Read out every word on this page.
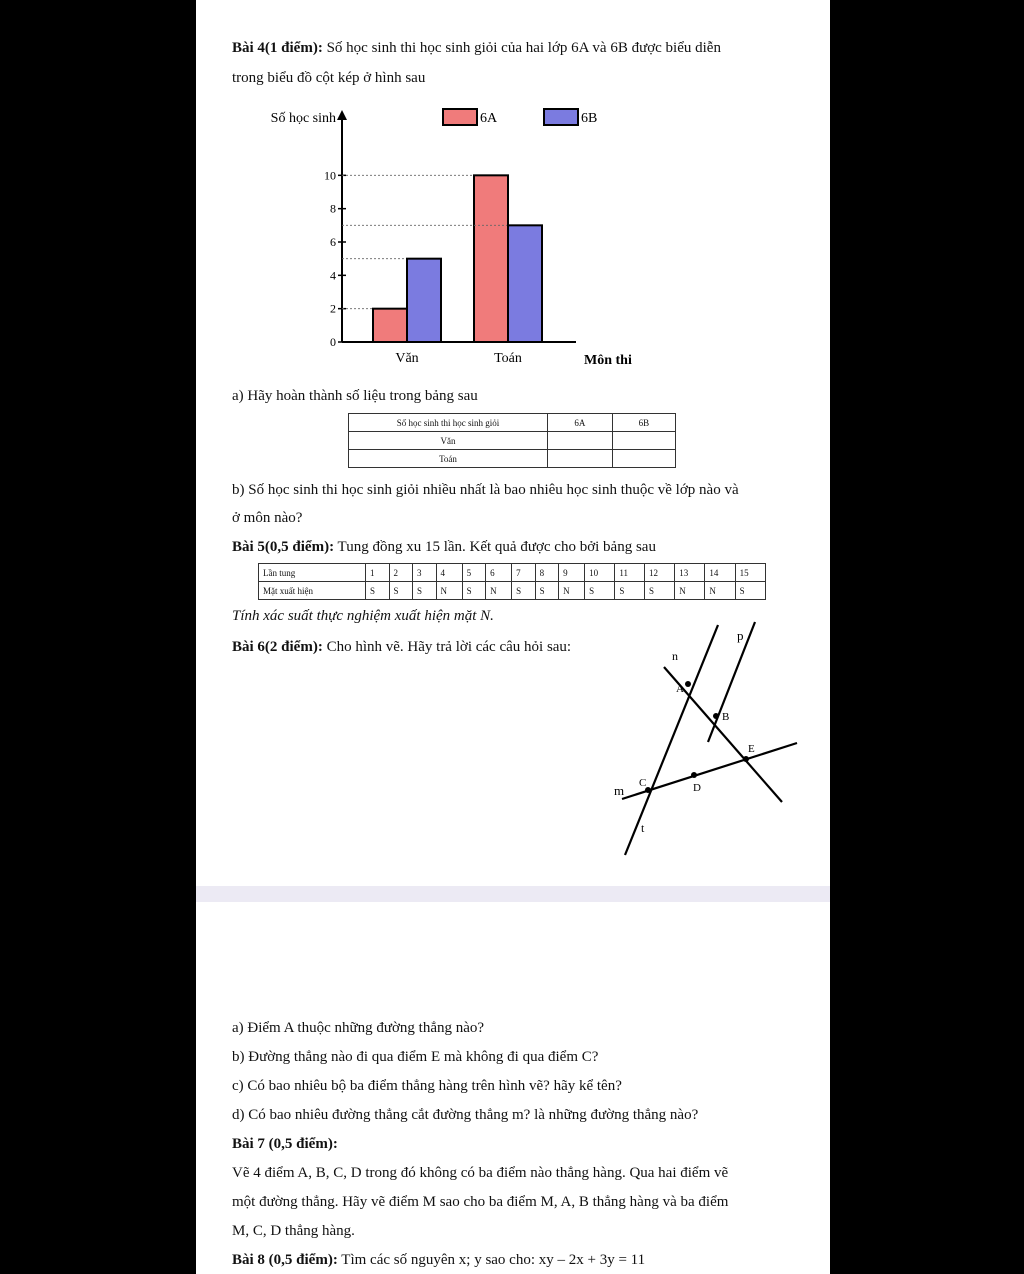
Bài 4(1 điểm): Số học sinh thi học sinh giỏi của hai lớp 6A và 6B được biểu diễn
trong biểu đồ cột kép ở hình sau
0
2
4
6
8
10
Văn	Toán
Số học sinh
Môn thi
6A	6B
a) Hãy hoàn thành số liệu trong bảng sau
Số học sinh thi học sinh giỏi	6A	6B
Văn		
Toán		
b) Số học sinh thi học sinh giỏi nhiều nhất là bao nhiêu học sinh thuộc về lớp nào và
ở môn nào?
Bài 5(0,5 điểm): Tung đồng xu 15 lần. Kết quả được cho bởi bảng sau
Lần tung	1	2	3	4	5	6	7	8	9	10	11	12	13	14	15
Mặt xuất hiện	S	S	S	N	S	N	S	S	N	S	S	S	N	N	S
Tính xác suất thực nghiệm xuất hiện mặt N.
Bài 6(2 điểm): Cho hình vẽ. Hãy trả lời các câu hỏi sau:
n
p
A
B
E
m C	D
t
a) Điểm A thuộc những đường thẳng nào?
b) Đường thẳng nào đi qua điểm E mà không đi qua điểm C?
c) Có bao nhiêu bộ ba điểm thẳng hàng trên hình vẽ? hãy kể tên?
d) Có bao nhiêu đường thẳng cắt đường thẳng m? là những đường thẳng nào?
Bài 7 (0,5 điểm):
Vẽ 4 điểm A, B, C, D trong đó không có ba điểm nào thẳng hàng. Qua hai điểm vẽ
một đường thẳng. Hãy vẽ điểm M sao cho ba điểm M, A, B thẳng hàng và ba điểm
M, C, D thẳng hàng.
Bài 8 (0,5 điểm): Tìm các số nguyên x; y sao cho: xy – 2x + 3y = 11
